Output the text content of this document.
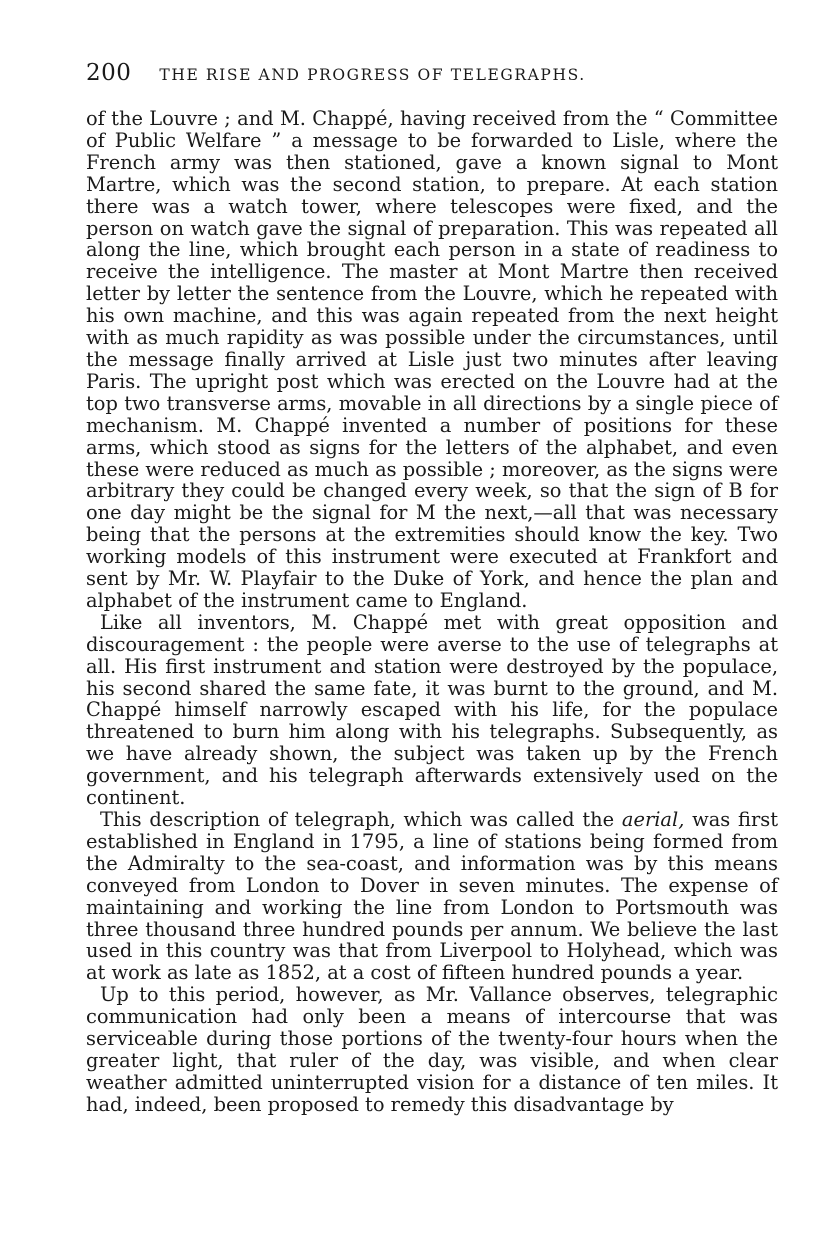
200 THE RISE AND PROGRESS OF TELEGRAPHS.

of the Louvre ; and M. Chappé, having received from the “ Committee of Public Welfare ” a message to be forwarded to Lisle, where the French army was then stationed, gave a known signal to Mont Martre, which was the second station, to prepare. At each station there was a watch tower, where telescopes were fixed, and the person on watch gave the signal of preparation. This was repeated all along the line, which brought each person in a state of readiness to receive the intelligence. The master at Mont Martre then received letter by letter the sentence from the Louvre, which he repeated with his own machine, and this was again repeated from the next height with as much rapidity as was possible under the circumstances, until the message finally arrived at Lisle just two minutes after leaving Paris. The upright post which was erected on the Louvre had at the top two transverse arms, movable in all directions by a single piece of mechanism. M. Chappé invented a number of positions for these arms, which stood as signs for the letters of the alphabet, and even these were reduced as much as possible ; moreover, as the signs were arbitrary they could be changed every week, so that the sign of B for one day might be the signal for M the next,—all that was necessary being that the persons at the extremities should know the key. Two working models of this instrument were executed at Frankfort and sent by Mr. W. Playfair to the Duke of York, and hence the plan and alphabet of the instrument came to England.

Like all inventors, M. Chappé met with great opposition and discouragement : the people were averse to the use of telegraphs at all. His first instrument and station were destroyed by the populace, his second shared the same fate, it was burnt to the ground, and M. Chappé himself narrowly escaped with his life, for the populace threatened to burn him along with his telegraphs. Subsequently, as we have already shown, the subject was taken up by the French government, and his telegraph afterwards extensively used on the continent.

This description of telegraph, which was called the aerial, was first established in England in 1795, a line of stations being formed from the Admiralty to the sea-coast, and information was by this means conveyed from London to Dover in seven minutes. The expense of maintaining and working the line from London to Portsmouth was three thousand three hundred pounds per annum. We believe the last used in this country was that from Liverpool to Holyhead, which was at work as late as 1852, at a cost of fifteen hundred pounds a year.

Up to this period, however, as Mr. Vallance observes, telegraphic communication had only been a means of intercourse that was serviceable during those portions of the twenty-four hours when the greater light, that ruler of the day, was visible, and when clear weather admitted uninterrupted vision for a distance of ten miles. It had, indeed, been proposed to remedy this disadvantage by
